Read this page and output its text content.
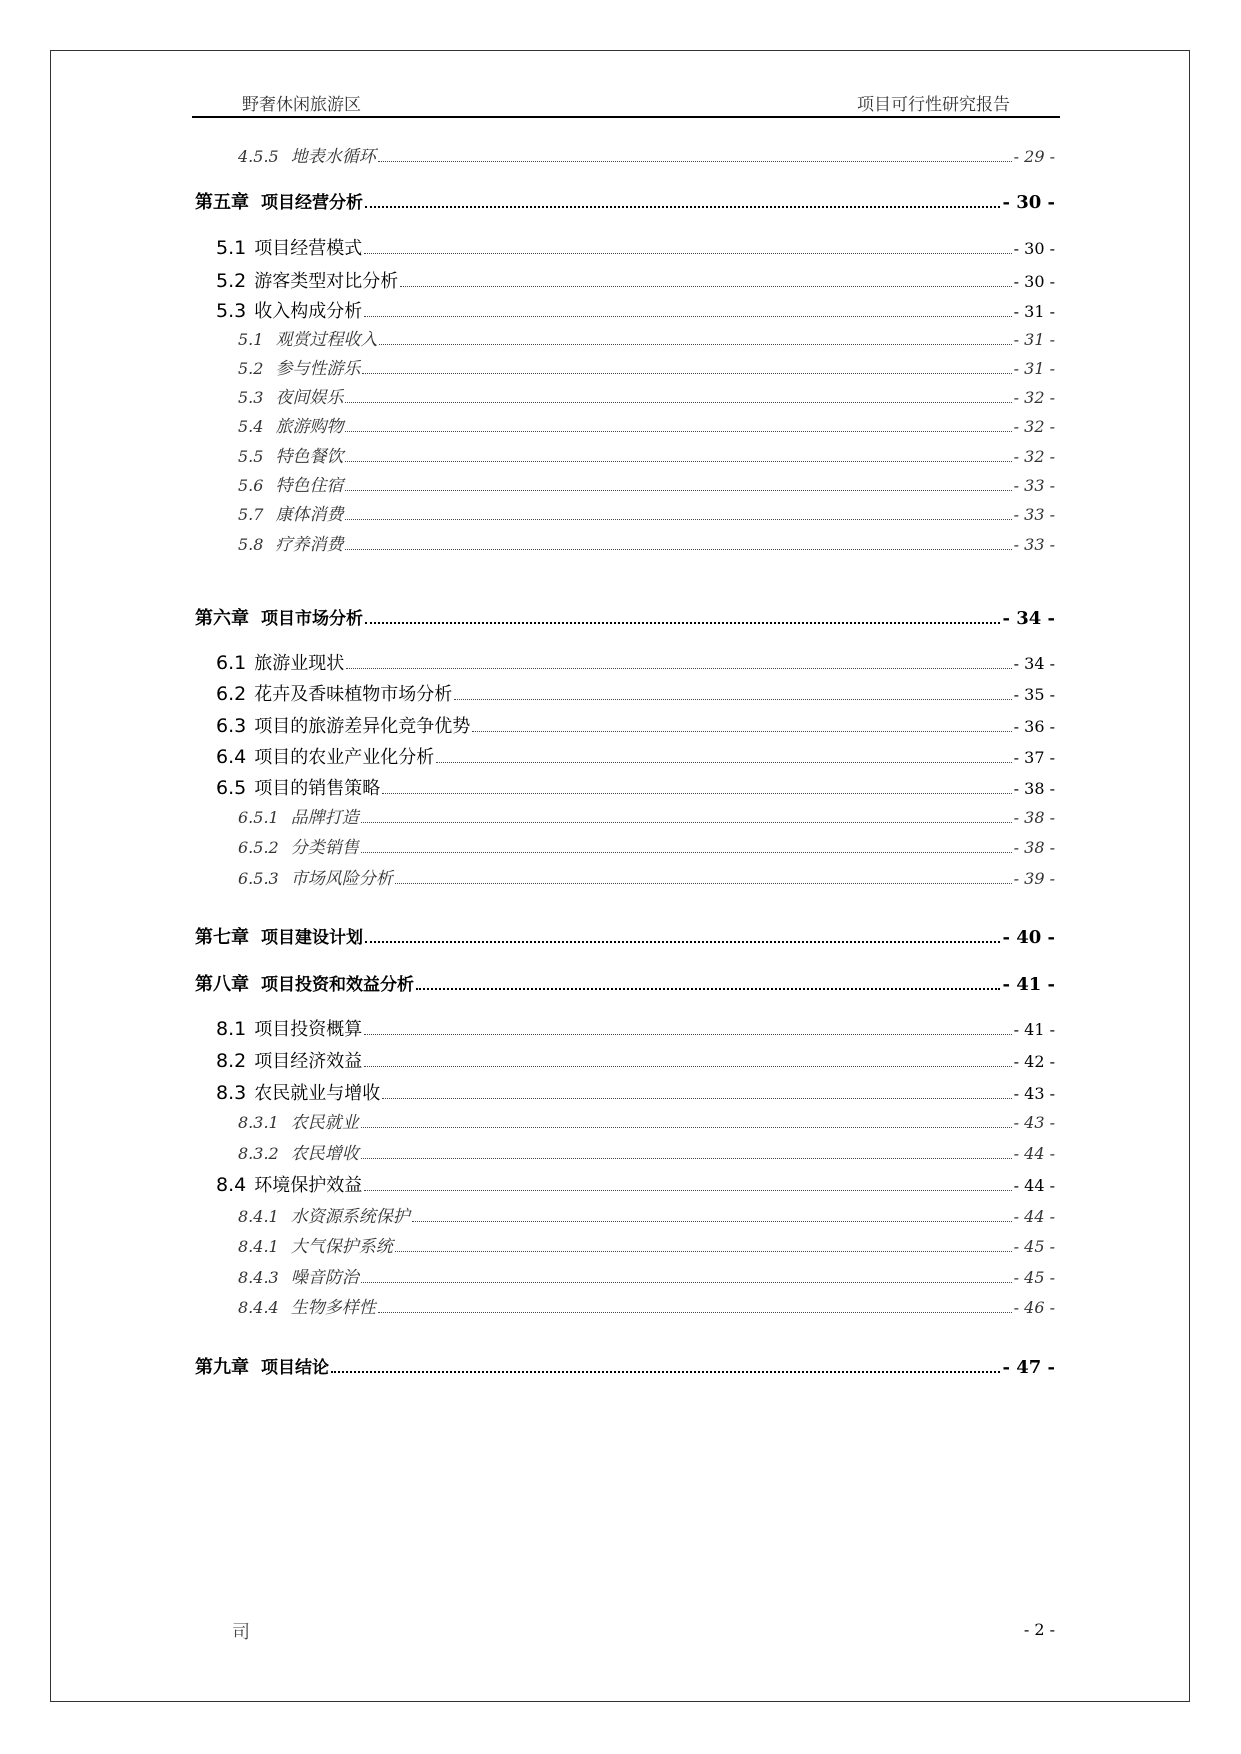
野奢休闲旅游区	项目可行性研究报告
4.5.5 地表水循环	- 29 -
第五章 项目经营分析	- 30 -
5.1 项目经营模式	- 30 -
5.2 游客类型对比分析	- 30 -
5.3 收入构成分析	- 31 -
5.1 观赏过程收入	- 31 -
5.2 参与性游乐	- 31 -
5.3 夜间娱乐	- 32 -
5.4 旅游购物	- 32 -
5.5 特色餐饮	- 32 -
5.6 特色住宿	- 33 -
5.7 康体消费	- 33 -
5.8 疗养消费	- 33 -
第六章 项目市场分析	- 34 -
6.1 旅游业现状	- 34 -
6.2 花卉及香味植物市场分析	- 35 -
6.3 项目的旅游差异化竞争优势	- 36 -
6.4 项目的农业产业化分析	- 37 -
6.5 项目的销售策略	- 38 -
6.5.1 品牌打造	- 38 -
6.5.2 分类销售	- 38 -
6.5.3 市场风险分析	- 39 -
第七章 项目建设计划	- 40 -
第八章 项目投资和效益分析	- 41 -
8.1 项目投资概算	- 41 -
8.2 项目经济效益	- 42 -
8.3 农民就业与增收	- 43 -
8.3.1 农民就业	- 43 -
8.3.2 农民增收	- 44 -
8.4 环境保护效益	- 44 -
8.4.1 水资源系统保护	- 44 -
8.4.1 大气保护系统	- 45 -
8.4.3 噪音防治	- 45 -
8.4.4 生物多样性	- 46 -
第九章 项目结论	- 47 -
司	- 2 -
